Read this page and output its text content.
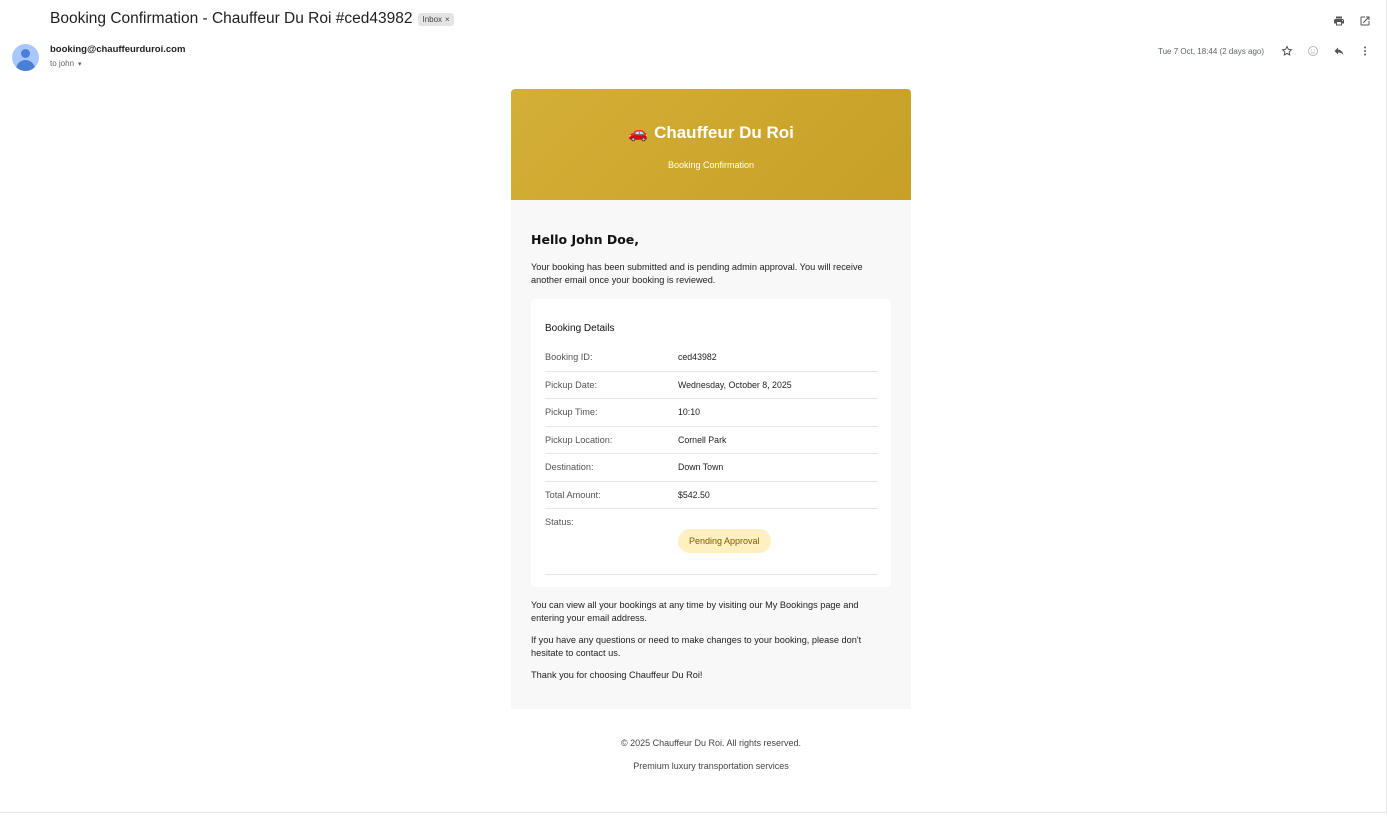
Booking Confirmation - Chauffeur Du Roi #ced43982 Inbox ×
booking@chauffeurduroi.com
to john ▾
Tue 7 Oct, 18:44 (2 days ago)
🚗 Chauffeur Du Roi
Booking Confirmation
Hello John Doe,

Your booking has been submitted and is pending admin approval. You will receive another email once your booking is reviewed.

Booking Details
Booking ID:	ced43982
Pickup Date:	Wednesday, October 8, 2025
Pickup Time:	10:10
Pickup Location:	Cornell Park
Destination:	Down Town
Total Amount:	$542.50
Status:
Pending Approval

You can view all your bookings at any time by visiting our My Bookings page and entering your email address.

If you have any questions or need to make changes to your booking, please don't hesitate to contact us.

Thank you for choosing Chauffeur Du Roi!

© 2025 Chauffeur Du Roi. All rights reserved.

Premium luxury transportation services
